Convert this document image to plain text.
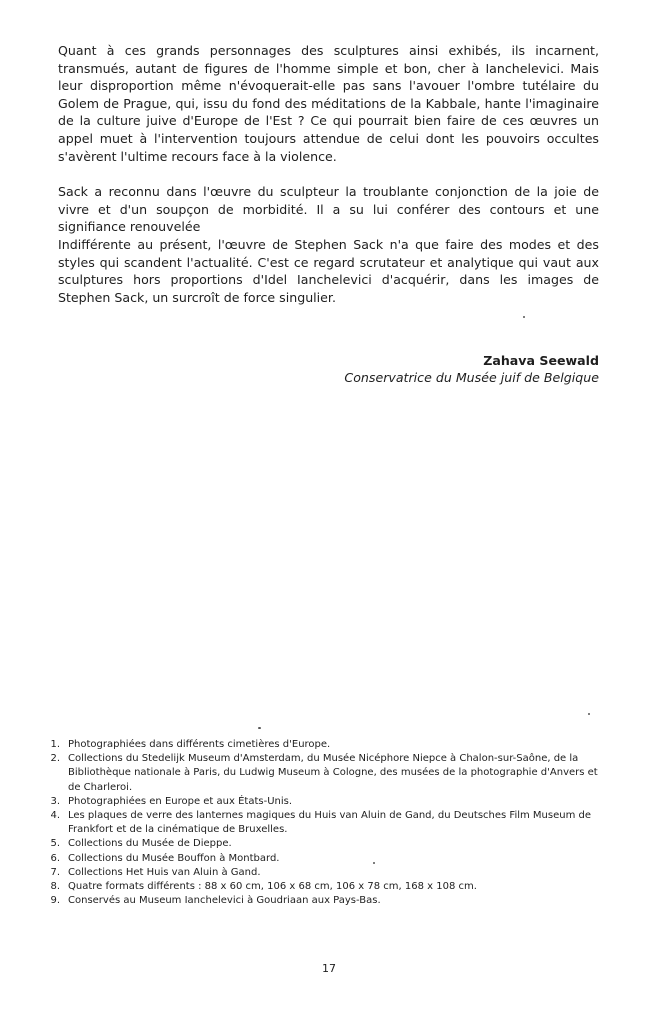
Quant à ces grands personnages des sculptures ainsi exhibés, ils incarnent, transmués, autant de figures de l'homme simple et bon, cher à Ianchelevici. Mais leur disproportion même n'évoquerait-elle pas sans l'avouer l'ombre tutélaire du Golem de Prague, qui, issu du fond des méditations de la Kabbale, hante l'imaginaire de la culture juive d'Europe de l'Est ? Ce qui pourrait bien faire de ces œuvres un appel muet à l'intervention toujours attendue de celui dont les pouvoirs occultes s'avèrent l'ultime recours face à la violence.

Sack a reconnu dans l'œuvre du sculpteur la troublante conjonction de la joie de vivre et d'un soupçon de morbidité. Il a su lui conférer des contours et une signifiance renouvelée

Indifférente au présent, l'œuvre de Stephen Sack n'a que faire des modes et des styles qui scandent l'actualité. C'est ce regard scrutateur et analytique qui vaut aux sculptures hors proportions d'Idel Ianchelevici d'acquérir, dans les images de Stephen Sack, un surcroît de force singulier.

Zahava Seewald

Conservatrice du Musée juif de Belgique

1. Photographiées dans différents cimetières d'Europe.
2. Collections du Stedelijk Museum d'Amsterdam, du Musée Nicéphore Niepce à Chalon-sur-Saône, de la Bibliothèque nationale à Paris, du Ludwig Museum à Cologne, des musées de la photographie d'Anvers et de Charleroi.
3. Photographiées en Europe et aux États-Unis.
4. Les plaques de verre des lanternes magiques du Huis van Aluin de Gand, du Deutsches Film Museum de Frankfort et de la cinématique de Bruxelles.
5. Collections du Musée de Dieppe.
6. Collections du Musée Bouffon à Montbard.
7. Collections Het Huis van Aluin à Gand.
8. Quatre formats différents : 88 x 60 cm, 106 x 68 cm, 106 x 78 cm, 168 x 108 cm.
9. Conservés au Museum Ianchelevici à Goudriaan aux Pays-Bas.
17
